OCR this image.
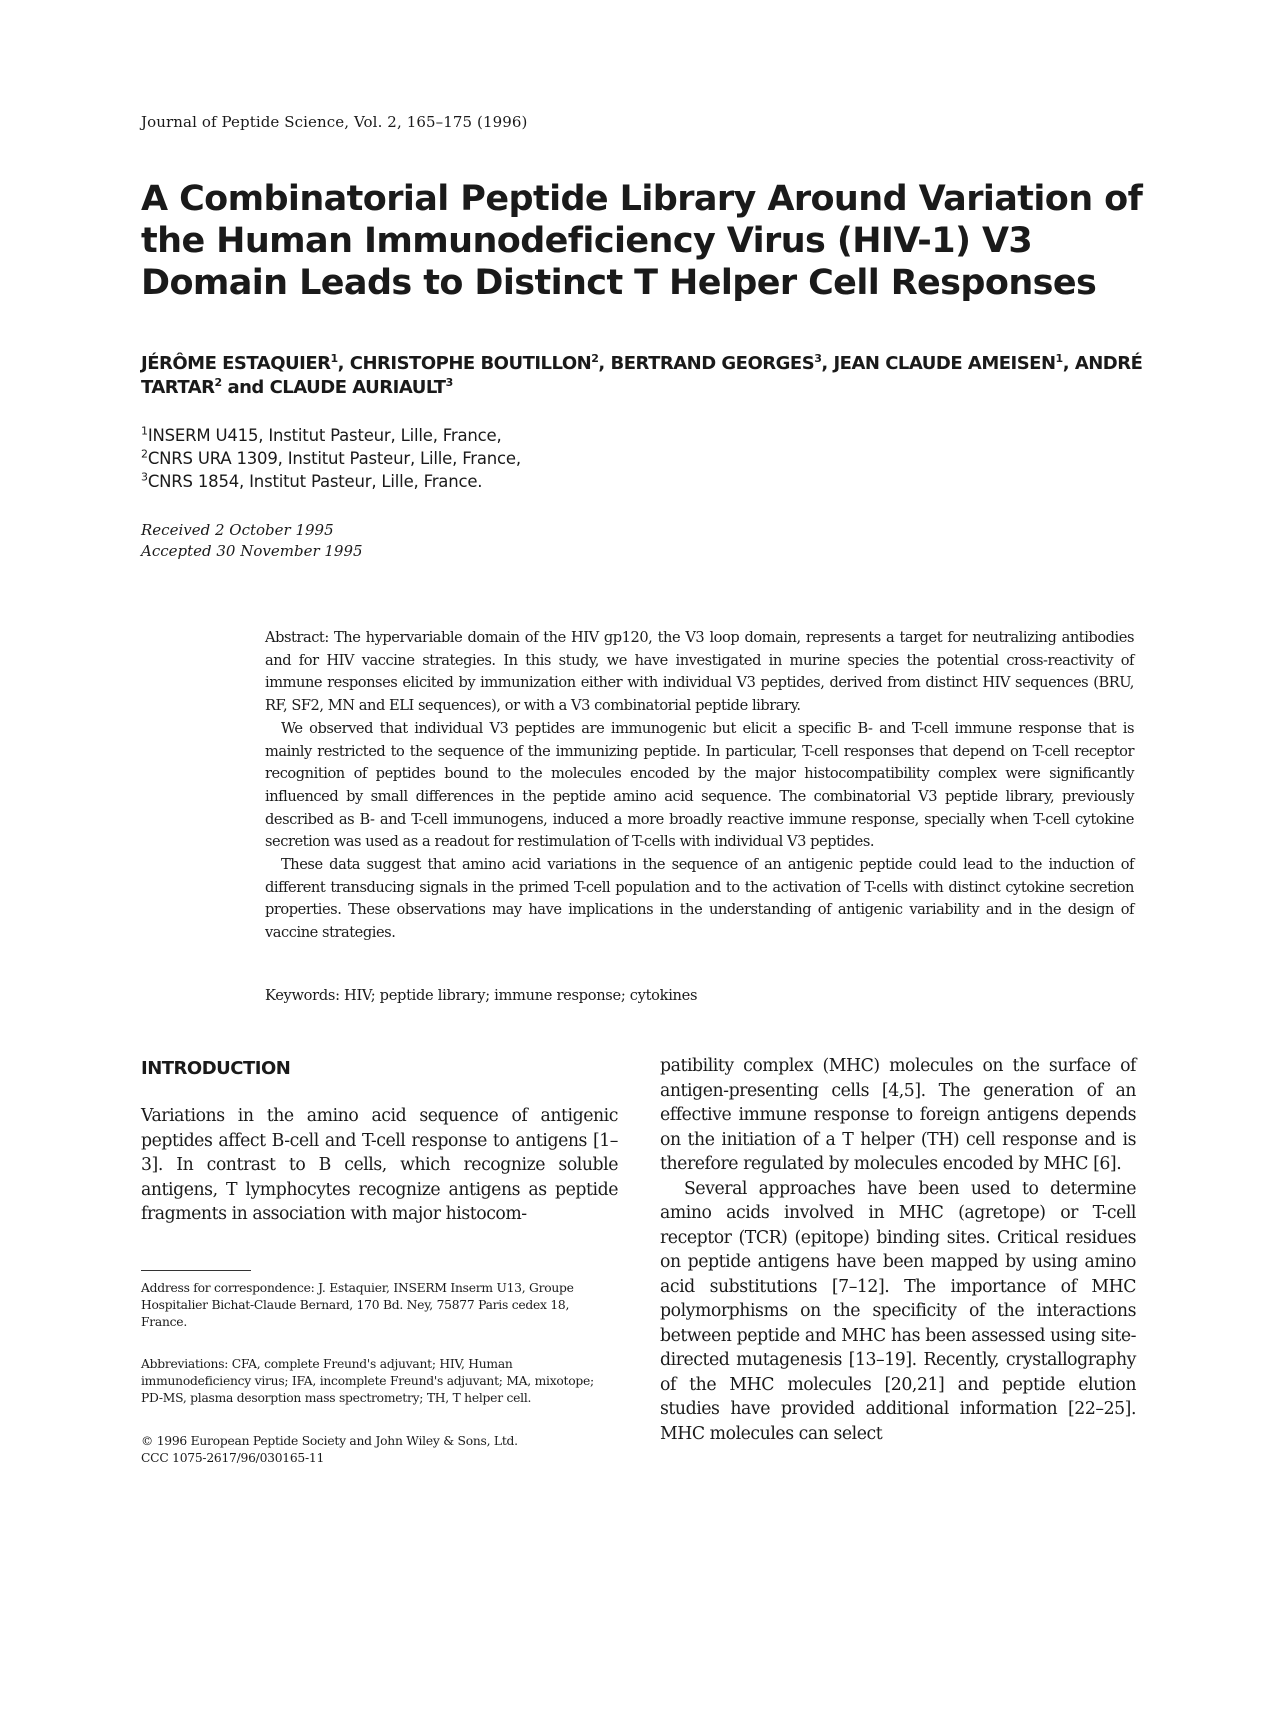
Journal of Peptide Science, Vol. 2, 165–175 (1996)
A Combinatorial Peptide Library Around Variation of the Human Immunodeficiency Virus (HIV-1) V3 Domain Leads to Distinct T Helper Cell Responses
JÉRÔME ESTAQUIER$^1$, CHRISTOPHE BOUTILLON$^2$, BERTRAND GEORGES$^3$, JEAN CLAUDE AMEISEN$^1$, ANDRÉ TARTAR$^2$ and CLAUDE AURIAULT$^3$
$^1$INSERM U415, Institut Pasteur, Lille, France,
$^2$CNRS URA 1309, Institut Pasteur, Lille, France,
$^3$CNRS 1854, Institut Pasteur, Lille, France.
Received 2 October 1995
Accepted 30 November 1995

Abstract: The hypervariable domain of the HIV gp120, the V3 loop domain, represents a target for neutralizing antibodies and for HIV vaccine strategies. In this study, we have investigated in murine species the potential cross-reactivity of immune responses elicited by immunization either with individual V3 peptides, derived from distinct HIV sequences (BRU, RF, SF2, MN and ELI sequences), or with a V3 combinatorial peptide library.

We observed that individual V3 peptides are immunogenic but elicit a specific B- and T-cell immune response that is mainly restricted to the sequence of the immunizing peptide. In particular, T-cell responses that depend on T-cell receptor recognition of peptides bound to the molecules encoded by the major histocompatibility complex were significantly influenced by small differences in the peptide amino acid sequence. The combinatorial V3 peptide library, previously described as B- and T-cell immunogens, induced a more broadly reactive immune response, specially when T-cell cytokine secretion was used as a readout for restimulation of T-cells with individual V3 peptides.

These data suggest that amino acid variations in the sequence of an antigenic peptide could lead to the induction of different transducing signals in the primed T-cell population and to the activation of T-cells with distinct cytokine secretion properties. These observations may have implications in the understanding of antigenic variability and in the design of vaccine strategies.

Keywords: HIV; peptide library; immune response; cytokines
INTRODUCTION

Variations in the amino acid sequence of antigenic peptides affect B-cell and T-cell response to antigens [1–3]. In contrast to B cells, which recognize soluble antigens, T lymphocytes recognize antigens as peptide fragments in association with major histocom-

Address for correspondence: J. Estaquier, INSERM Inserm U13, Groupe Hospitalier Bichat-Claude Bernard, 170 Bd. Ney, 75877 Paris cedex 18, France.
Abbreviations: CFA, complete Freund's adjuvant; HIV, Human immunodeficiency virus; IFA, incomplete Freund's adjuvant; MA, mixotope; PD-MS, plasma desorption mass spectrometry; TH, T helper cell.
© 1996 European Peptide Society and John Wiley & Sons, Ltd.
CCC 1075-2617/96/030165-11

patibility complex (MHC) molecules on the surface of antigen-presenting cells [4,5]. The generation of an effective immune response to foreign antigens depends on the initiation of a T helper (TH) cell response and is therefore regulated by molecules encoded by MHC [6].

Several approaches have been used to determine amino acids involved in MHC (agretope) or T-cell receptor (TCR) (epitope) binding sites. Critical residues on peptide antigens have been mapped by using amino acid substitutions [7–12]. The importance of MHC polymorphisms on the specificity of the interactions between peptide and MHC has been assessed using site-directed mutagenesis [13–19]. Recently, crystallography of the MHC molecules [20,21] and peptide elution studies have provided additional information [22–25]. MHC molecules can select
